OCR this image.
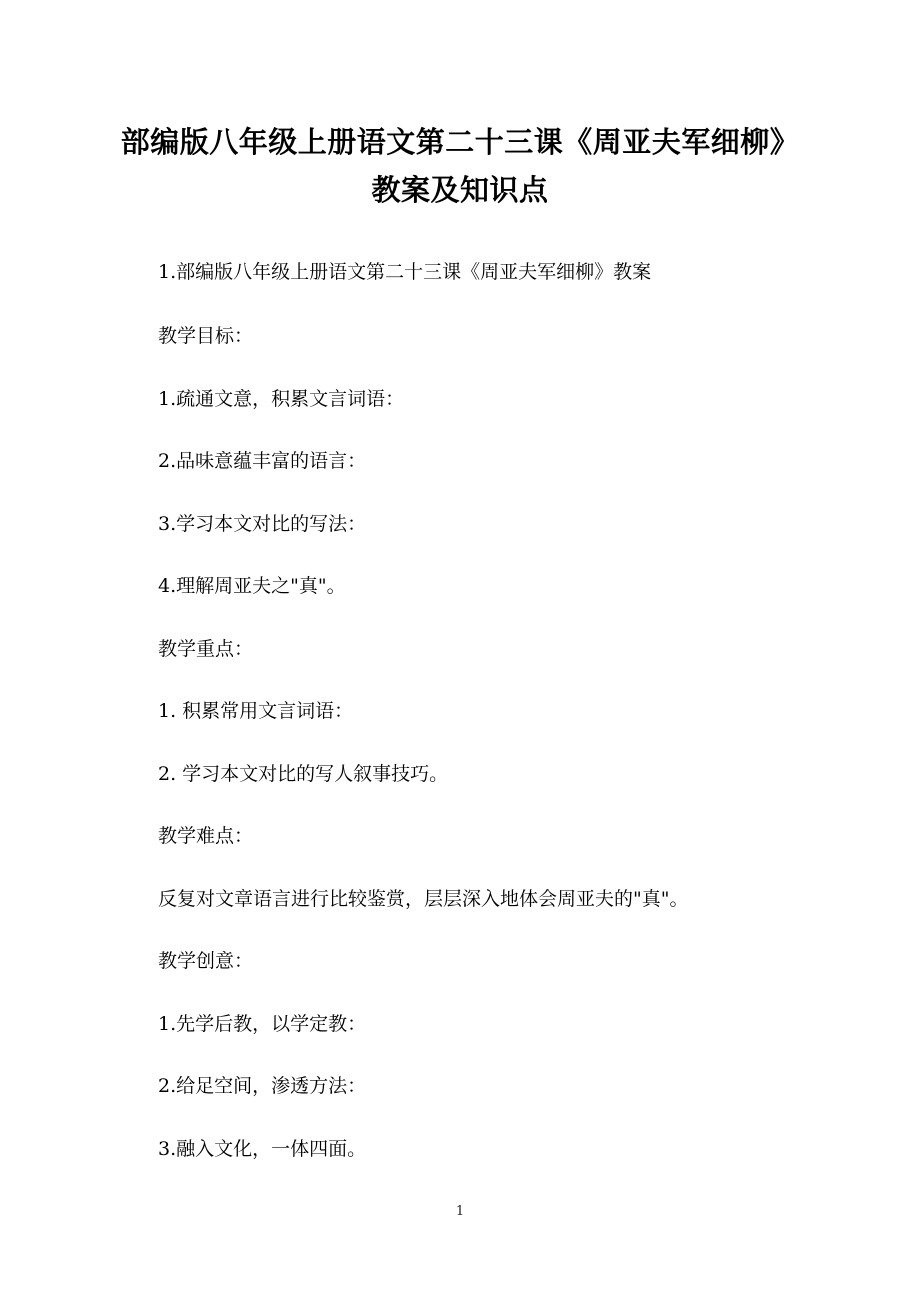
部编版八年级上册语文第二十三课《周亚夫军细柳》
教案及知识点

1.部编版八年级上册语文第二十三课《周亚夫军细柳》教案

教学目标：

1.疏通文意，积累文言词语：

2.品味意蕴丰富的语言：

3.学习本文对比的写法：

4.理解周亚夫之"真"。

教学重点：

1. 积累常用文言词语：

2. 学习本文对比的写人叙事技巧。

教学难点：

反复对文章语言进行比较鉴赏，层层深入地体会周亚夫的"真"。

教学创意：

1.先学后教，以学定教：

2.给足空间，渗透方法：

3.融入文化，一体四面。

1
